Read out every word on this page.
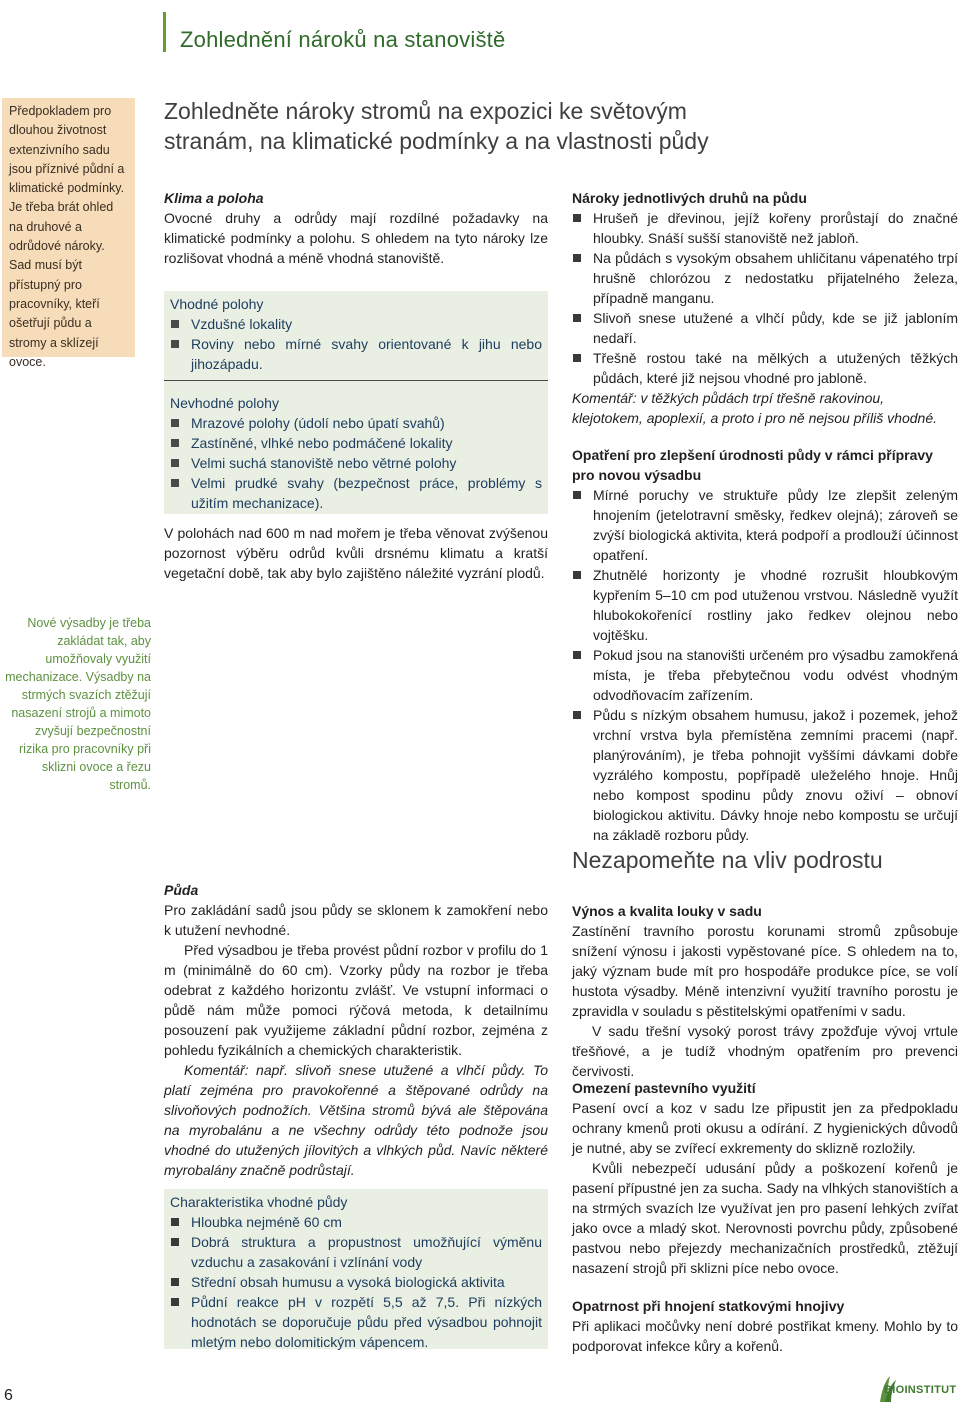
Zohlednění nároků na stanoviště
Předpokladem pro dlouhou životnost extenzivního sadu jsou příznivé půdní a klimatické podmínky. Je třeba brát ohled na druhové a odrůdové nároky. Sad musí být přístupný pro pracovníky, kteří ošetřují půdu a stromy a sklízejí ovoce.
Nové výsadby je třeba zakládat tak, aby umožňovaly využití mechanizace. Výsadby na strmých svazích ztěžují nasazení strojů a mimoto zvyšují bezpečnostní rizika pro pracovníky při sklizni ovoce a řezu stromů.
Zohledněte nároky stromů na expozici ke světovým stranám, na klimatické podmínky a na vlastnosti půdy
Klima a poloha

Ovocné druhy a odrůdy mají rozdílné požadavky na klimatické podmínky a polohu. S ohledem na tyto nároky lze rozlišovat vhodná a méně vhodná stanoviště.

Vhodné polohy
Vzdušné lokality
Roviny nebo mírné svahy orientované k jihu nebo jihozápadu.
Nevhodné polohy
Mrazové polohy (údolí nebo úpatí svahů)
Zastíněné, vlhké nebo podmáčené lokality
Velmi suchá stanoviště nebo větrné polohy
Velmi prudké svahy (bezpečnost práce, problémy s užitím mechanizace).

V polohách nad 600 m nad mořem je třeba věnovat zvýšenou pozornost výběru odrůd kvůli drsnému klimatu a kratší vegetační době, tak aby bylo zajištěno náležité vyzrání plodů.

Půda

Pro zakládání sadů jsou půdy se sklonem k zamokření nebo k utužení nevhodné.

Před výsadbou je třeba provést půdní rozbor v profilu do 1 m (minimálně do 60 cm). Vzorky půdy na rozbor je třeba odebrat z každého horizontu zvlášť. Ve vstupní informaci o půdě nám může pomoci rýčová metoda, k detailnímu posouzení pak využijeme základní půdní rozbor, zejména z pohledu fyzikálních a chemických charakteristik.

Komentář: např. slivoň snese utužené a vlhčí půdy. To platí zejména pro pravokořenné a štěpované odrůdy na slivoňových podnožích. Většina stromů bývá ale štěpována na myrobalánu a ne všechny odrůdy této podnože jsou vhodné do utužených jílovitých a vlhkých půd. Navíc některé myrobalány značně podrůstají.

Charakteristika vhodné půdy
Hloubka nejméně 60 cm
Dobrá struktura a propustnost umožňující výměnu vzduchu a zasakování i vzlínání vody
Střední obsah humusu a vysoká biologická aktivita
Půdní reakce pH v rozpětí 5,5 až 7,5. Při nízkých hodnotách se doporučuje půdu před výsadbou pohnojit mletým nebo dolomitickým vápencem.
Nároky jednotlivých druhů na půdu
Hrušeň je dřevinou, jejíž kořeny prorůstají do značné hloubky. Snáší sušší stanoviště než jabloň.
Na půdách s vysokým obsahem uhličitanu vápenatého trpí hrušně chlorózou z nedostatku přijatelného železa, případně manganu.
Slivoň snese utužené a vlhčí půdy, kde se již jabloním nedaří.
Třešně rostou také na mělkých a utužených těžkých půdách, které již nejsou vhodné pro jabloně.

Komentář: v těžkých půdách trpí třešně rakovinou, klejotokem, apoplexií, a proto i pro ně nejsou příliš vhodné.

Opatření pro zlepšení úrodnosti půdy v rámci přípravy pro novou výsadbu
Mírné poruchy ve struktuře půdy lze zlepšit zeleným hnojením (jetelotravní směsky, ředkev olejná); zároveň se zvýší biologická aktivita, která podpoří a prodlouží účinnost opatření.
Zhutnělé horizonty je vhodné rozrušit hloubkovým kypřením 5–10 cm pod utuženou vrstvou. Následně využít hlubokokořenící rostliny jako ředkev olejnou nebo vojtěšku.
Pokud jsou na stanovišti určeném pro výsadbu zamokřená místa, je třeba přebytečnou vodu odvést vhodným odvodňovacím zařízením.
Půdu s nízkým obsahem humusu, jakož i pozemek, jehož vrchní vrstva byla přemístěna zemními pracemi (např. planýrováním), je třeba pohnojit vyššími dávkami dobře vyzrálého kompostu, popřípadě uleželého hnoje. Hnůj nebo kompost spodinu půdy znovu oživí – obnoví biologickou aktivitu. Dávky hnoje nebo kompostu se určují na základě rozboru půdy.
Nezapomeňte na vliv podrostu
Výnos a kvalita louky v sadu

Zastínění travního porostu korunami stromů způsobuje snížení výnosu i jakosti vypěstované píce. S ohledem na to, jaký význam bude mít pro hospodáře produkce píce, se volí hustota výsadby. Méně intenzivní využití travního porostu je zpravidla v souladu s pěstitelskými opatřeními v sadu.

V sadu třešní vysoký porost trávy zpožďuje vývoj vrtule třešňové, a je tudíž vhodným opatřením pro prevenci červivosti.

Omezení pastevního využití

Pasení ovcí a koz v sadu lze připustit jen za předpokladu ochrany kmenů proti okusu a odírání. Z hygienických důvodů je nutné, aby se zvířecí exkrementy do sklizně rozložily.

Kvůli nebezpečí udusání půdy a poškození kořenů je pasení přípustné jen za sucha. Sady na vlhkých stanovištích a na strmých svazích lze využívat jen pro pasení lehkých zvířat jako ovce a mladý skot. Nerovnosti povrchu půdy, způsobené pastvou nebo přejezdy mechanizačních prostředků, ztěžují nasazení strojů při sklizni píce nebo ovoce.

Opatrnost při hnojení statkovými hnojivy

Při aplikaci močůvky není dobré postřikat kmeny. Mohlo by to podporovat infekce kůry a kořenů.

6	BIOINSTITUT
